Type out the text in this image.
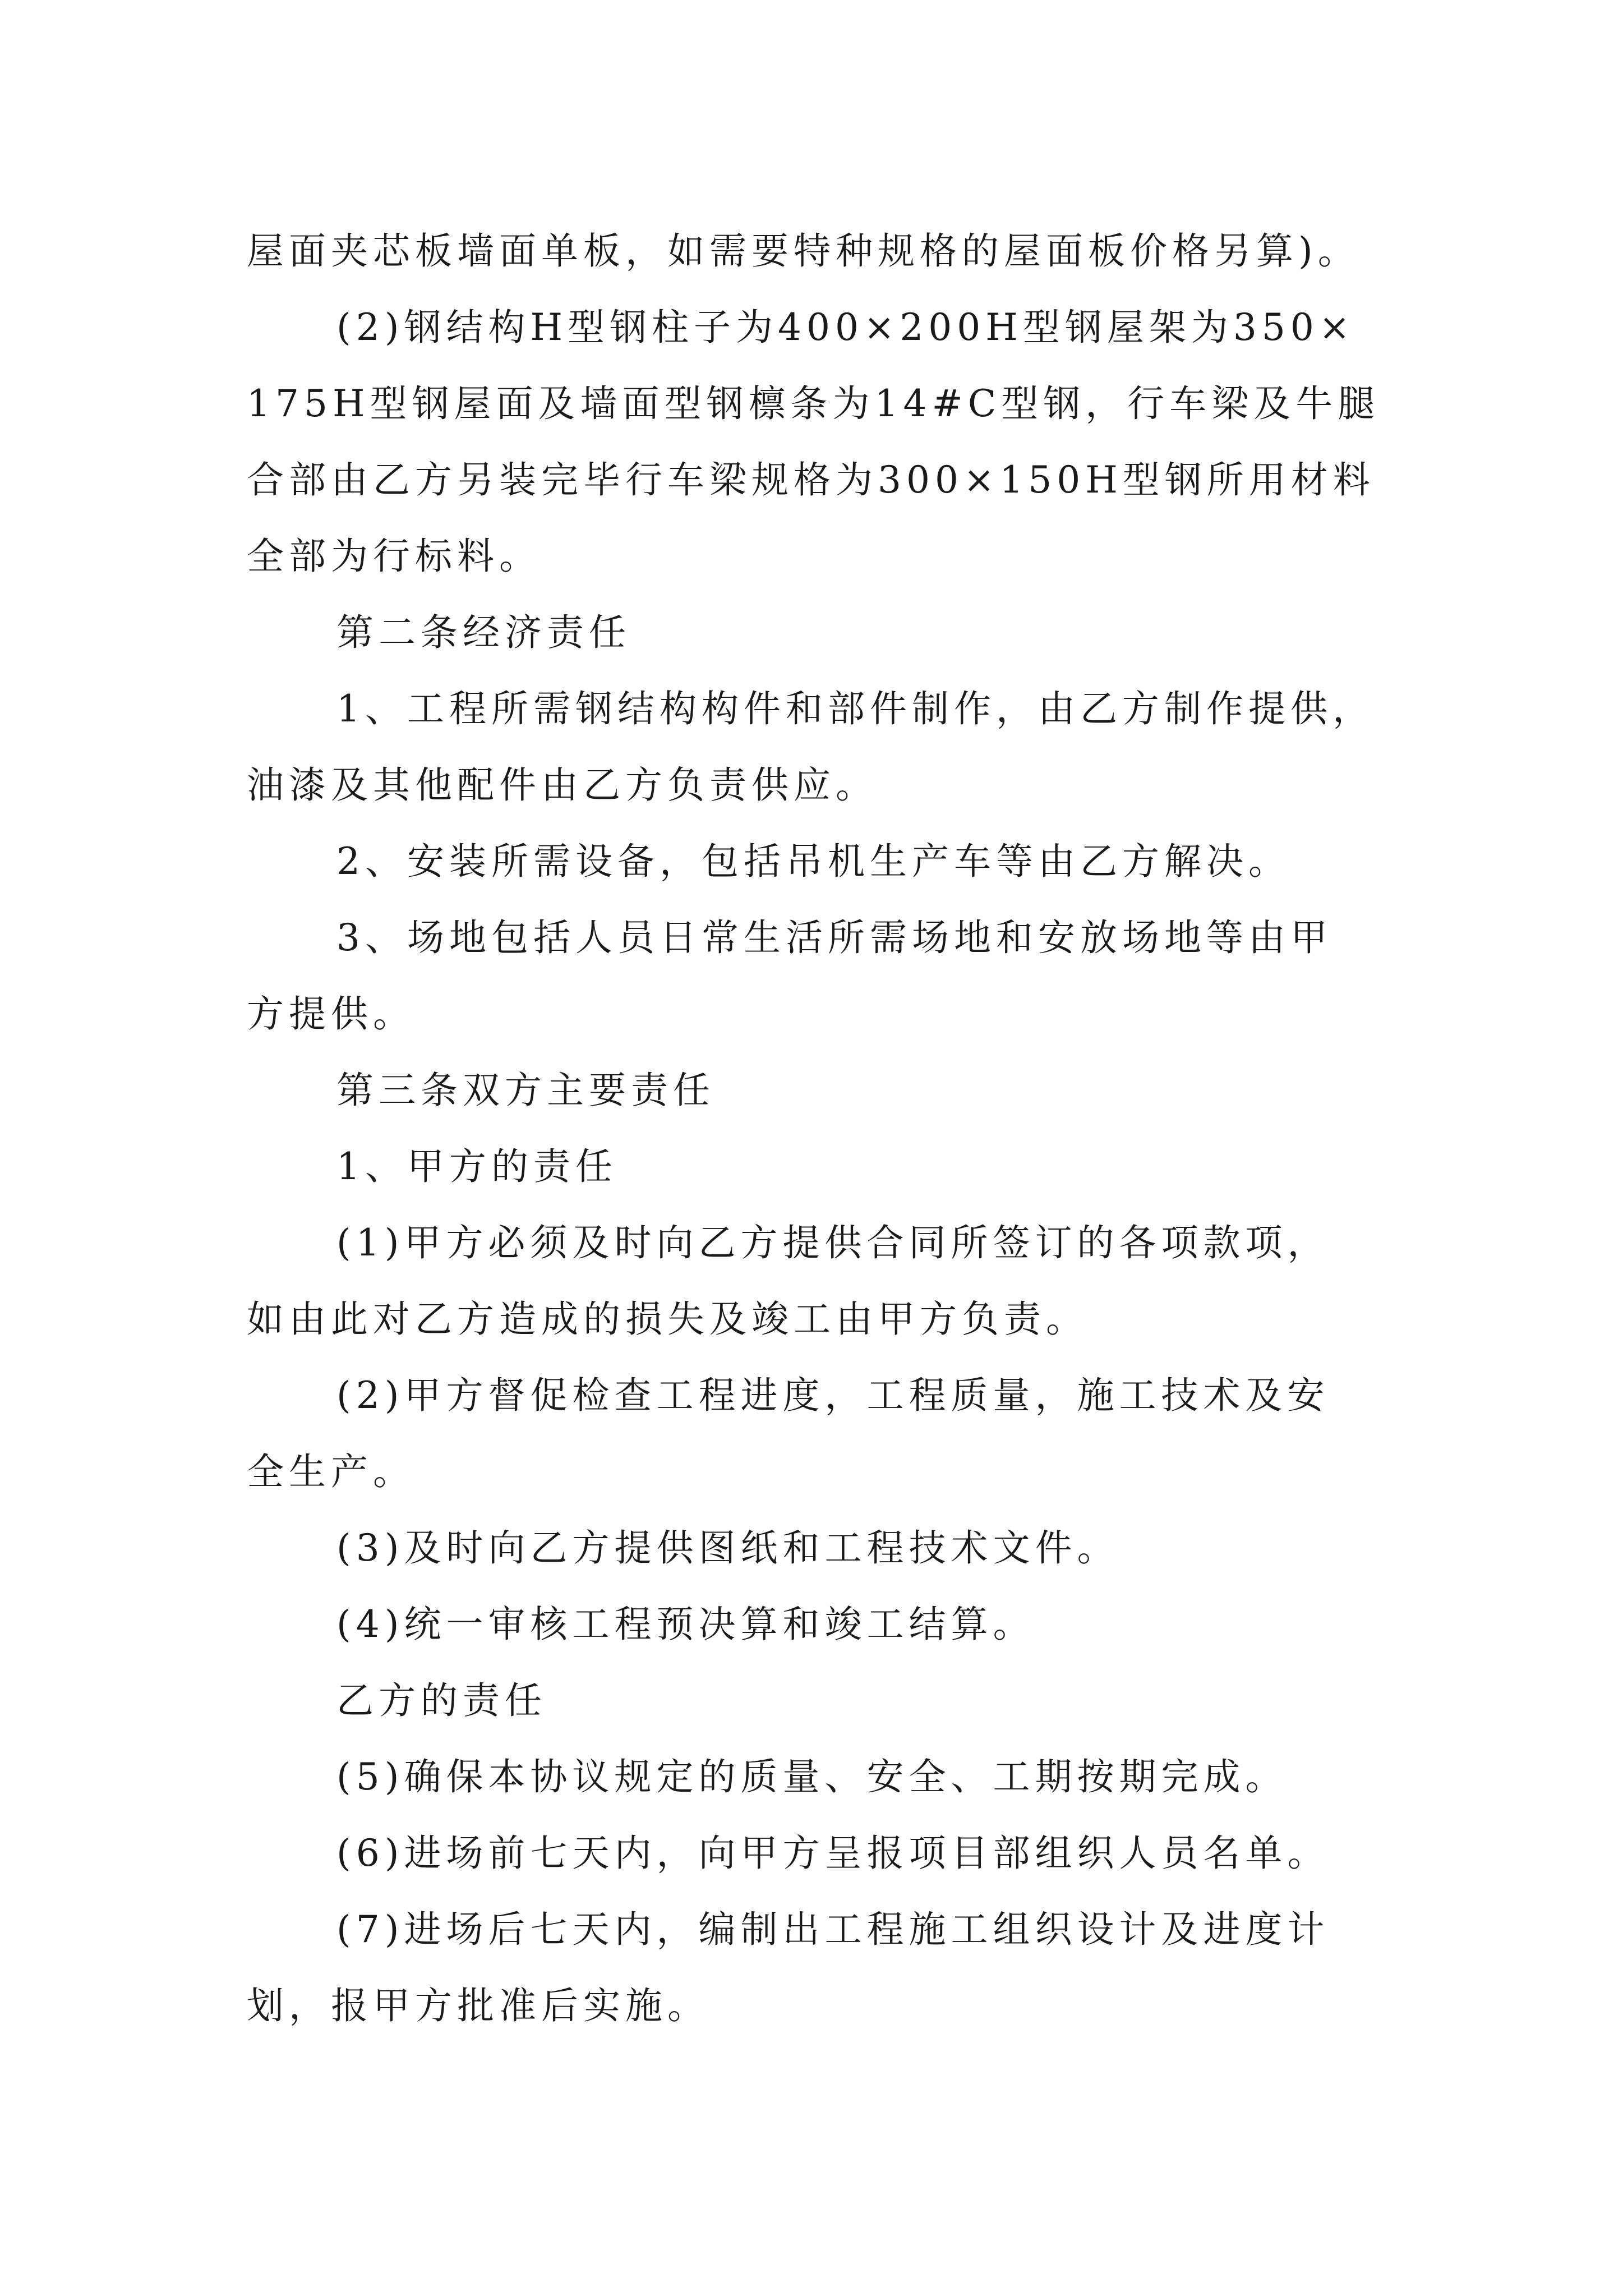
屋面夹芯板墙面单板，如需要特种规格的屋面板价格另算)。

(2)钢结构H型钢柱子为400×200H型钢屋架为350×

175H型钢屋面及墙面型钢檩条为14#C型钢，行车梁及牛腿

合部由乙方另装完毕行车梁规格为300×150H型钢所用材料

全部为行标料。

第二条经济责任

1、工程所需钢结构构件和部件制作，由乙方制作提供，

油漆及其他配件由乙方负责供应。

2、安装所需设备，包括吊机生产车等由乙方解决。

3、场地包括人员日常生活所需场地和安放场地等由甲

方提供。

第三条双方主要责任

1、甲方的责任

(1)甲方必须及时向乙方提供合同所签订的各项款项，

如由此对乙方造成的损失及竣工由甲方负责。

(2)甲方督促检查工程进度，工程质量，施工技术及安

全生产。

(3)及时向乙方提供图纸和工程技术文件。

(4)统一审核工程预决算和竣工结算。

乙方的责任

(5)确保本协议规定的质量、安全、工期按期完成。

(6)进场前七天内，向甲方呈报项目部组织人员名单。

(7)进场后七天内，编制出工程施工组织设计及进度计

划，报甲方批准后实施。
